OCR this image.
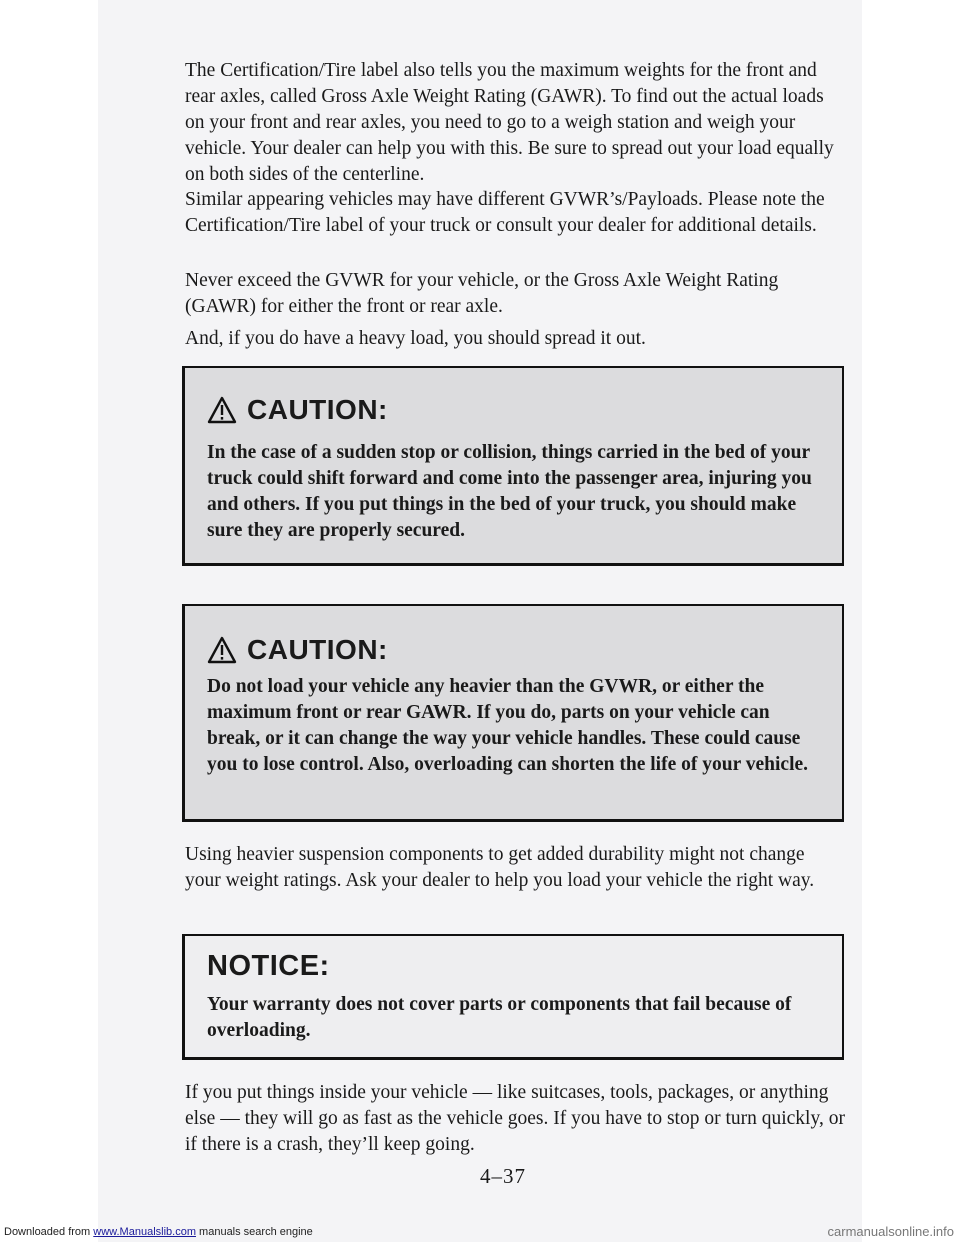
The Certification/Tire label also tells you the maximum weights for the front and rear axles, called Gross Axle Weight Rating (GAWR). To find out the actual loads on your front and rear axles, you need to go to a weigh station and weigh your vehicle. Your dealer can help you with this. Be sure to spread out your load equally on both sides of the centerline.

Similar appearing vehicles may have different GVWR’s/Payloads. Please note the Certification/Tire label of your truck or consult your dealer for additional details.

Never exceed the GVWR for your vehicle, or the Gross Axle Weight Rating (GAWR) for either the front or rear axle.

And, if you do have a heavy load, you should spread it out.

CAUTION:

In the case of a sudden stop or collision, things carried in the bed of your truck could shift forward and come into the passenger area, injuring you and others. If you put things in the bed of your truck, you should make sure they are properly secured.

CAUTION:

Do not load your vehicle any heavier than the GVWR, or either the maximum front or rear GAWR. If you do, parts on your vehicle can break, or it can change the way your vehicle handles. These could cause you to lose control. Also, overloading can shorten the life of your vehicle.

Using heavier suspension components to get added durability might not change your weight ratings. Ask your dealer to help you load your vehicle the right way.

NOTICE:

Your warranty does not cover parts or components that fail because of overloading.

If you put things inside your vehicle — like suitcases, tools, packages, or anything else — they will go as fast as the vehicle goes. If you have to stop or turn quickly, or if there is a crash, they’ll keep going.

4–37
Downloaded from www.Manualslib.com manuals search engine	carmanualsonline.info
